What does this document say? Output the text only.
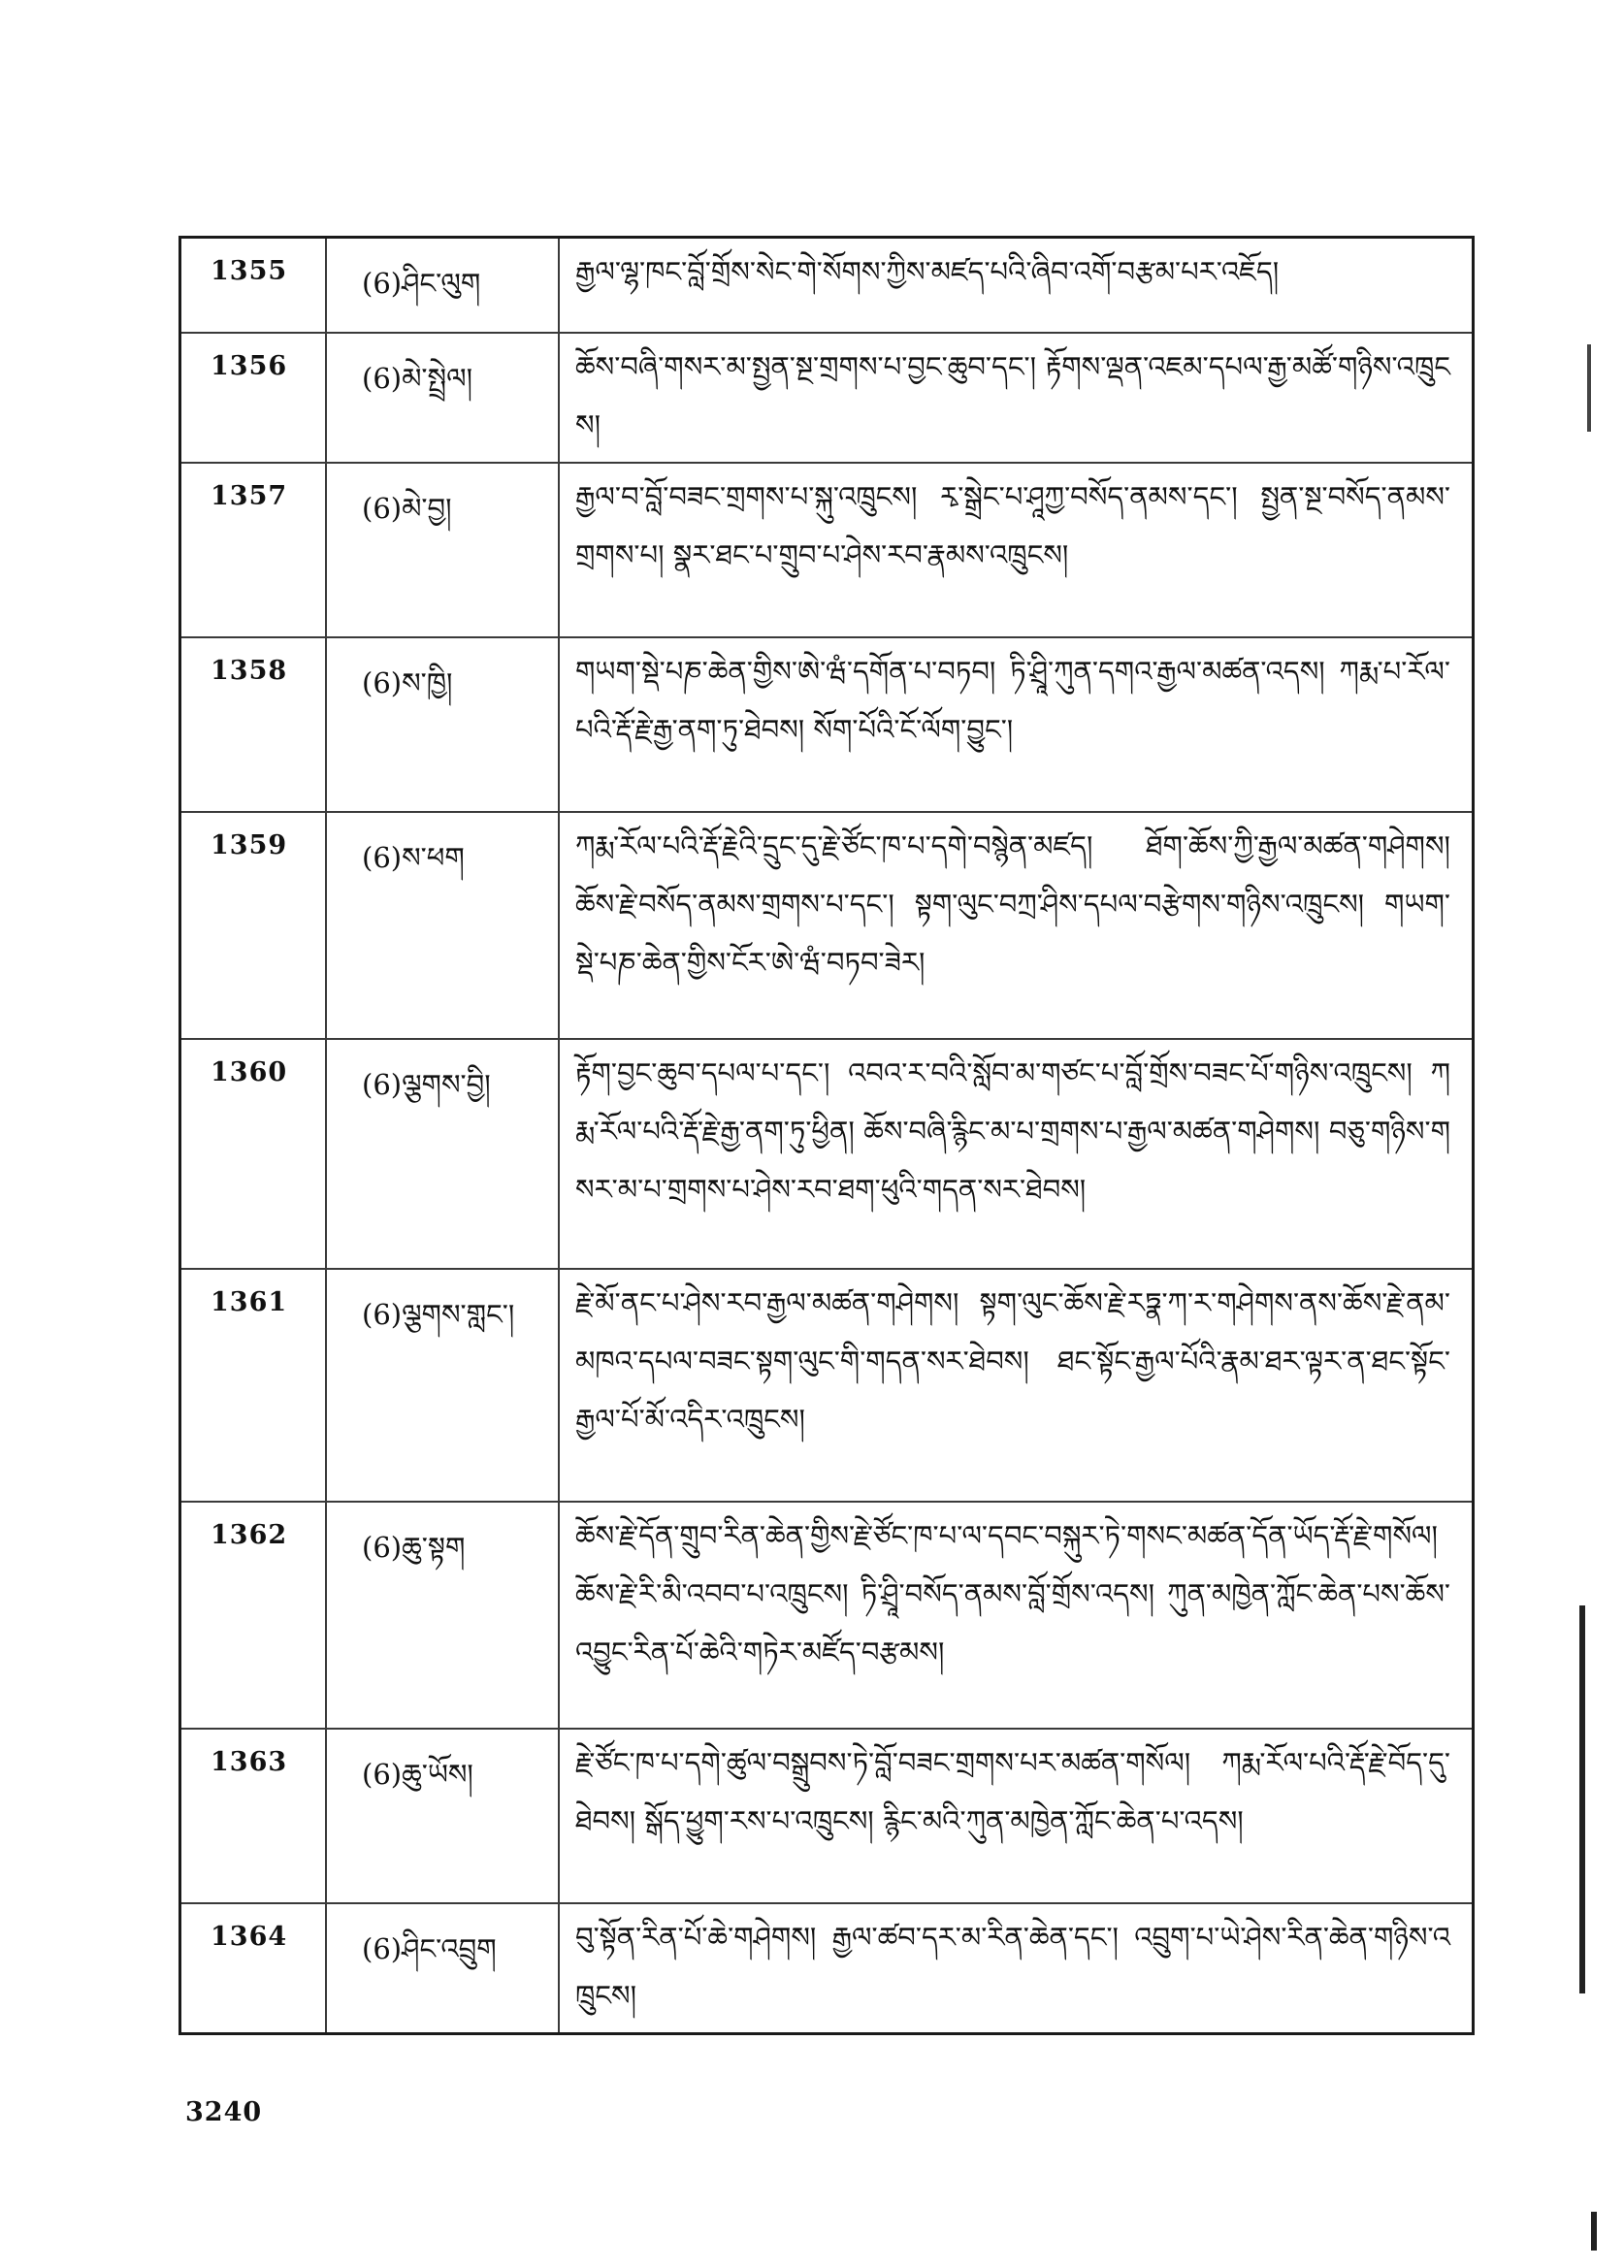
1355	(6)ཤིང་ལུག	རྒྱལ་ལྷ་ཁང་བློ་གྲོས་སེང་གེ་སོགས་ཀྱིས་མཛད་པའི་ཞིབ་འགོ་བརྩམ་པར་འཇོད།

1356	(6)མེ་སྤྲེལ།	ཆོས་བཞི་གསར་མ་སྤྱན་སྔ་གྲགས་པ་བྱང་ཆུབ་དང་། རྟོགས་ལྡན་འཇམ་དཔལ་རྒྱ་མཚོ་གཉིས་འཁྲུངས།

1357	(6)མེ་བྱ།	རྒྱལ་བ་བློ་བཟང་གྲགས་པ་སྐུ་འཁྲུངས། རྭ་སྒྲེང་པ་ཤཱཀྱ་བསོད་ནམས་དང་། སྤྱན་སྔ་བསོད་ནམས་གྲགས་པ། སྣར་ཐང་པ་གྲུབ་པ་ཤེས་རབ་རྣམས་འཁྲུངས།

1358	(6)ས་ཁྱི།	གཡག་སྡེ་པཎ་ཆེན་གྱིས་ཨེ་ཝཾ་དགོན་པ་བཏབ། ཏི་ཤྲཱི་ཀུན་དགའ་རྒྱལ་མཚན་འདས། ཀརྨ་པ་རོལ་པའི་རྡོ་རྗེ་རྒྱ་ནག་ཏུ་ཐེབས། སོག་པོའི་ངོ་ལོག་བྱུང་།

1359	(6)ས་ཕག	ཀརྨ་རོལ་པའི་རྡོ་རྗེའི་དྲུང་དུ་རྗེ་ཙོང་ཁ་པ་དགེ་བསྙེན་མཛད། ཐོག་ཆོས་ཀྱི་རྒྱལ་མཚན་གཤེགས། ཆོས་རྗེ་བསོད་ནམས་གྲགས་པ་དང་། སྟག་ལུང་བཀྲ་ཤིས་དཔལ་བརྩེགས་གཉིས་འཁྲུངས། གཡག་སྡེ་པཎ་ཆེན་གྱིས་ངོར་ཨེ་ཝཾ་བཏབ་ཟེར།

1360	(6)ལྕགས་བྱི།	རྟོག་བྱང་ཆུབ་དཔལ་པ་དང་། འབའ་ར་བའི་སློབ་མ་གཙང་པ་བློ་གྲོས་བཟང་པོ་གཉིས་འཁྲུངས། ཀརྨ་རོལ་པའི་རྡོ་རྗེ་རྒྱ་ནག་ཏུ་ཕྱིན། ཆོས་བཞི་རྙིང་མ་པ་གྲགས་པ་རྒྱལ་མཚན་གཤེགས། བཅུ་གཉིས་གསར་མ་པ་གྲགས་པ་ཤེས་རབ་ཐག་ཕུའི་གདན་སར་ཐེབས།

1361	(6)ལྕགས་གླང་།	རྗེ་མོ་ནང་པ་ཤེས་རབ་རྒྱལ་མཚན་གཤེགས། སྟག་ལུང་ཆོས་རྗེ་རཏྣ་ཀ་ར་གཤེགས་ནས་ཆོས་རྗེ་ནམ་མཁའ་དཔལ་བཟང་སྟག་ལུང་གི་གདན་སར་ཐེབས། ཐང་སྟོང་རྒྱལ་པོའི་རྣམ་ཐར་ལྟར་ན་ཐང་སྟོང་རྒྱལ་པོ་མོ་འདིར་འཁྲུངས།

1362	(6)ཆུ་སྟག	ཆོས་རྗེ་དོན་གྲུབ་རིན་ཆེན་གྱིས་རྗེ་ཙོང་ཁ་པ་ལ་དབང་བསྐུར་ཏེ་གསང་མཚན་དོན་ཡོད་རྡོ་རྗེ་གསོལ། ཆོས་རྗེ་རི་མི་འབབ་པ་འཁྲུངས། ཏི་ཤྲཱི་བསོད་ནམས་བློ་གྲོས་འདས། ཀུན་མཁྱེན་ཀློང་ཆེན་པས་ཆོས་འབྱུང་རིན་པོ་ཆེའི་གཏེར་མཛོད་བརྩམས།

1363	(6)ཆུ་ཡོས།	རྗེ་ཙོང་ཁ་པ་དགེ་ཚུལ་བསྒྲུབས་ཏེ་བློ་བཟང་གྲགས་པར་མཚན་གསོལ། ཀརྨ་རོལ་པའི་རྡོ་རྗེ་བོད་དུ་ཐེབས། སྒོད་ཕྱུག་རས་པ་འཁྲུངས། རྙིང་མའི་ཀུན་མཁྱེན་ཀློང་ཆེན་པ་འདས།

1364	(6)ཤིང་འབྲུག	བུ་སྟོན་རིན་པོ་ཆེ་གཤེགས། རྒྱལ་ཚབ་དར་མ་རིན་ཆེན་དང་། འབྲུག་པ་ཡེ་ཤེས་རིན་ཆེན་གཉིས་འཁྲུངས།
3240
